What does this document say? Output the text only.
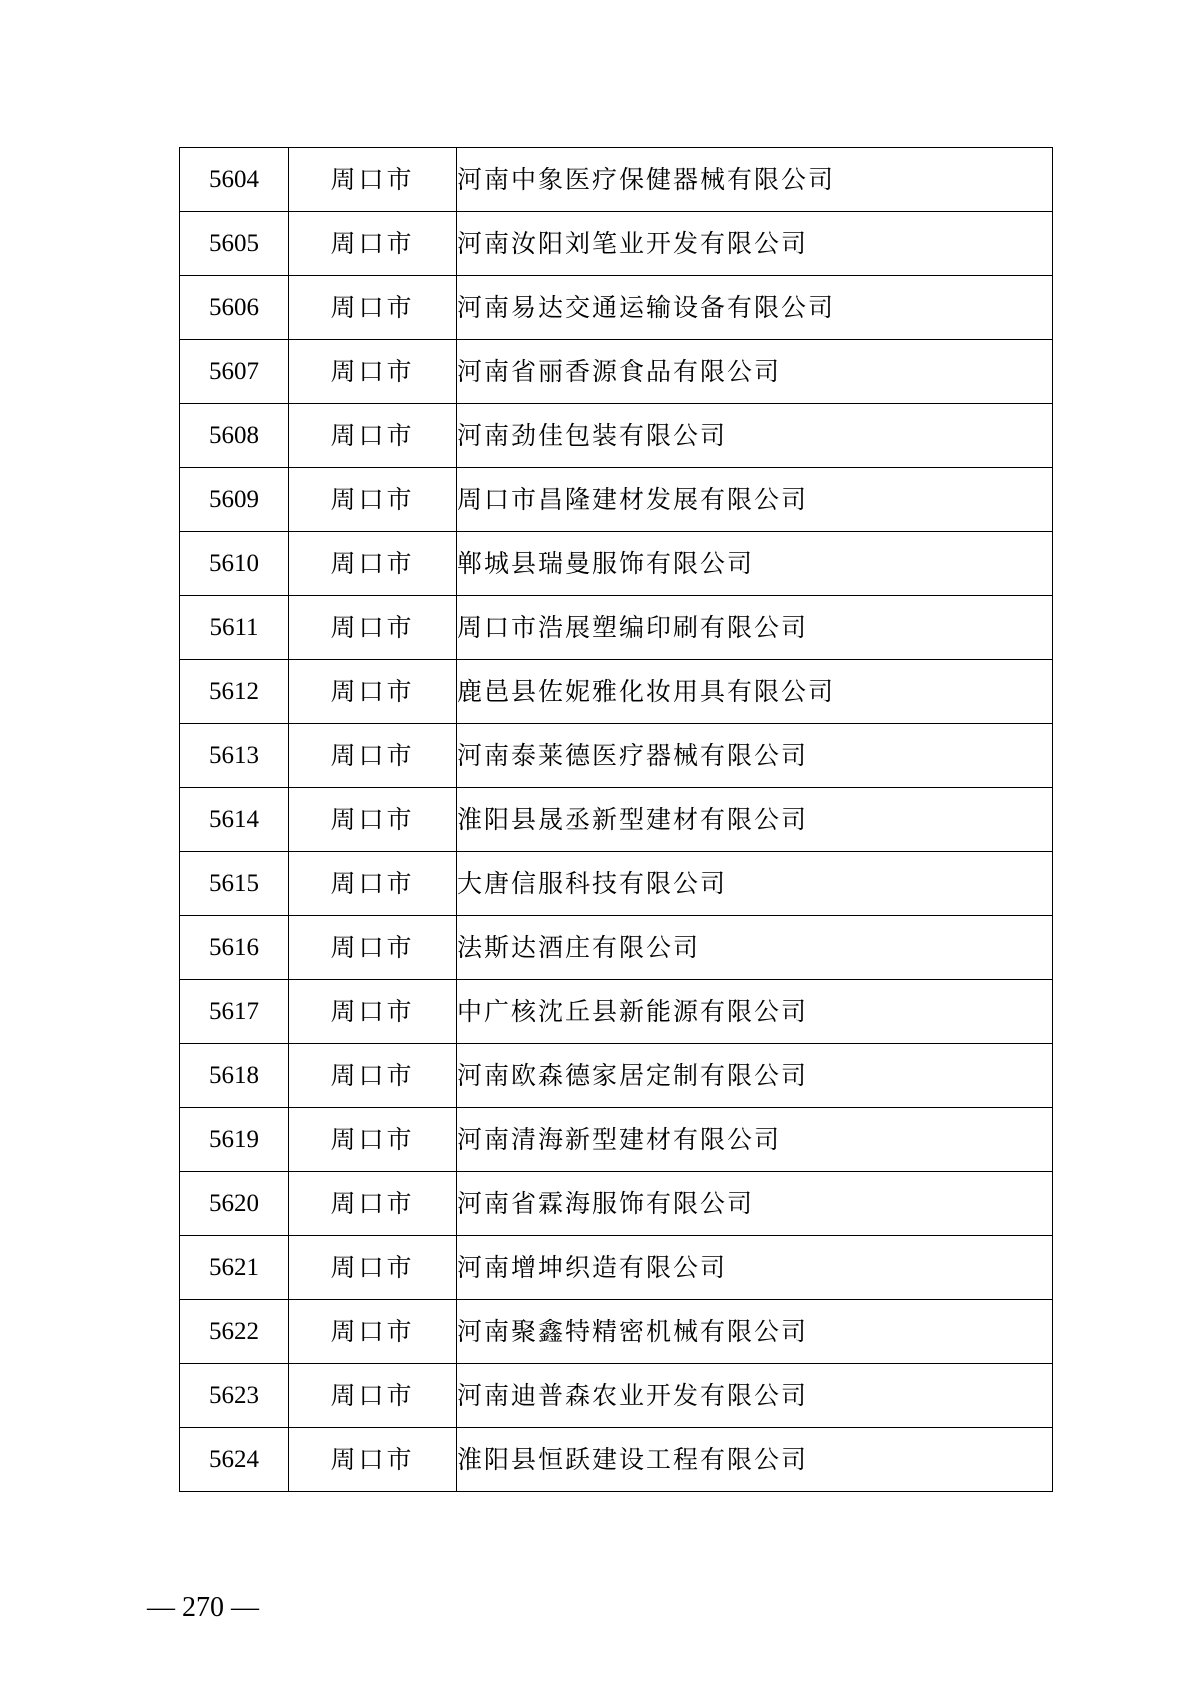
5604	周口市	河南中象医疗保健器械有限公司
5605	周口市	河南汝阳刘笔业开发有限公司
5606	周口市	河南易达交通运输设备有限公司
5607	周口市	河南省丽香源食品有限公司
5608	周口市	河南劲佳包装有限公司
5609	周口市	周口市昌隆建材发展有限公司
5610	周口市	郸城县瑞曼服饰有限公司
5611	周口市	周口市浩展塑编印刷有限公司
5612	周口市	鹿邑县佐妮雅化妆用具有限公司
5613	周口市	河南泰莱德医疗器械有限公司
5614	周口市	淮阳县晟丞新型建材有限公司
5615	周口市	大唐信服科技有限公司
5616	周口市	法斯达酒庄有限公司
5617	周口市	中广核沈丘县新能源有限公司
5618	周口市	河南欧森德家居定制有限公司
5619	周口市	河南清海新型建材有限公司
5620	周口市	河南省霖海服饰有限公司
5621	周口市	河南增坤织造有限公司
5622	周口市	河南聚鑫特精密机械有限公司
5623	周口市	河南迪普森农业开发有限公司
5624	周口市	淮阳县恒跃建设工程有限公司
— 270 —
